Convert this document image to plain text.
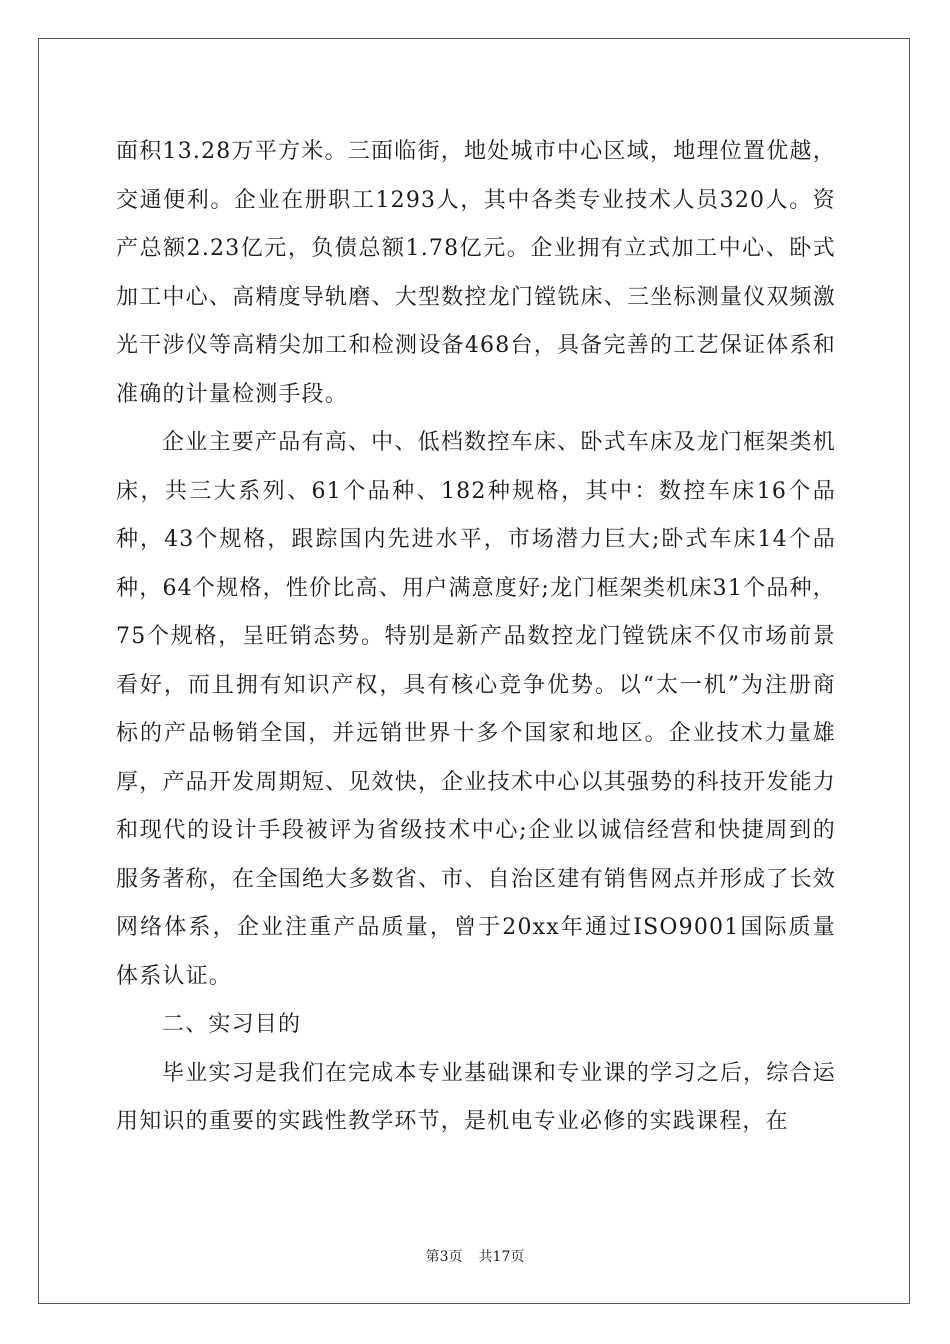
面积13.28万平方米。三面临街，地处城市中心区域，地理位置优越，交通便利。企业在册职工1293人，其中各类专业技术人员320人。资产总额2.23亿元，负债总额1.78亿元。企业拥有立式加工中心、卧式加工中心、高精度导轨磨、大型数控龙门镗铣床、三坐标测量仪双频激光干涉仪等高精尖加工和检测设备468台，具备完善的工艺保证体系和准确的计量检测手段。

企业主要产品有高、中、低档数控车床、卧式车床及龙门框架类机床，共三大系列、61个品种、182种规格，其中：数控车床16个品种，43个规格，跟踪国内先进水平，市场潜力巨大;卧式车床14个品种，64个规格，性价比高、用户满意度好;龙门框架类机床31个品种，75个规格，呈旺销态势。特别是新产品数控龙门镗铣床不仅市场前景看好，而且拥有知识产权，具有核心竞争优势。以“太一机”为注册商标的产品畅销全国，并远销世界十多个国家和地区。企业技术力量雄厚，产品开发周期短、见效快，企业技术中心以其强势的科技开发能力和现代的设计手段被评为省级技术中心;企业以诚信经营和快捷周到的服务著称，在全国绝大多数省、市、自治区建有销售网点并形成了长效网络体系，企业注重产品质量，曾于20xx年通过ISO9001国际质量体系认证。

二、实习目的

毕业实习是我们在完成本专业基础课和专业课的学习之后，综合运用知识的重要的实践性教学环节，是机电专业必修的实践课程，在

第3页 共17页
